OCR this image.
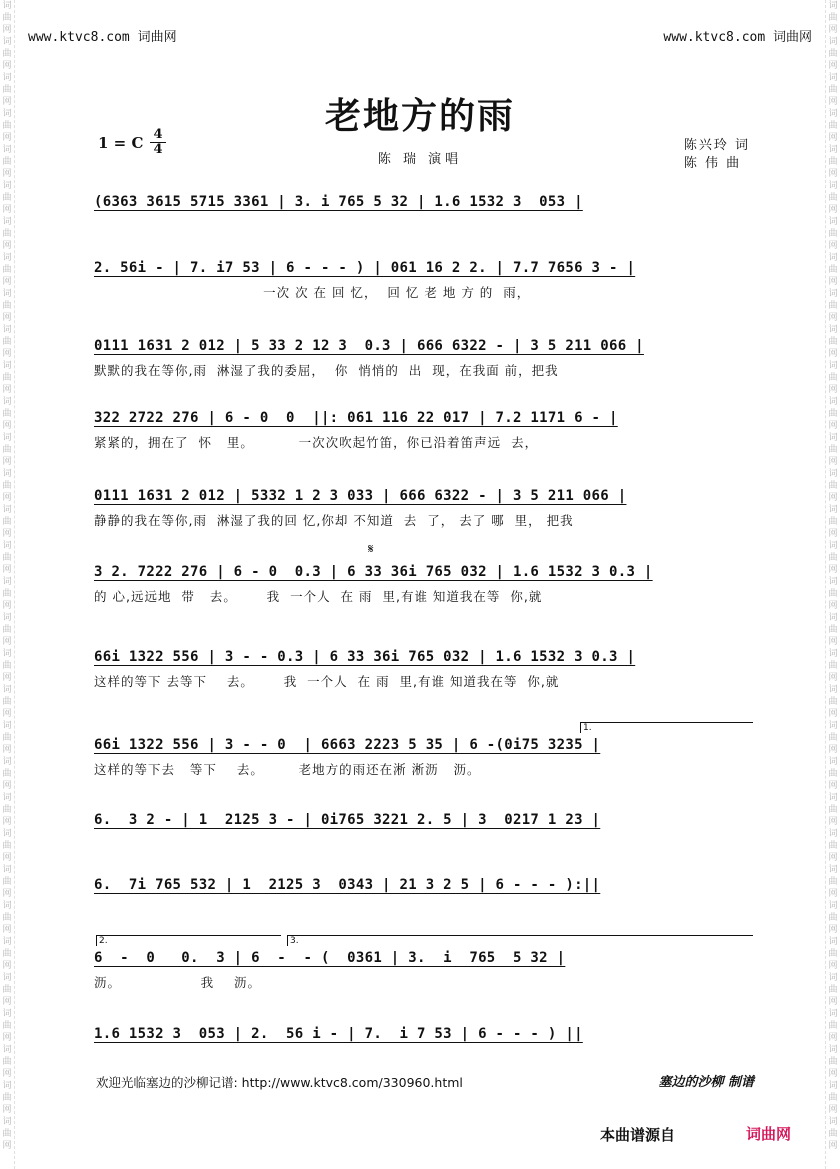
词
曲
网
词
曲
网
词
曲
网
词
曲
网
词
曲
网
词
曲
网
词
曲
网
词
曲
网
词
曲
网
词
曲
网
词
曲
网
词
曲
网
词
曲
网
词
曲
网
词
曲
网
词
曲
网
词
曲
网
词
曲
网
词
曲
网
词
曲
网
词
曲
网
词
曲
网
词
曲
网
词
曲
网
词
曲
网
词
曲
网
词
曲
网
词
曲
网
词
曲
网
词
曲
网
词
曲
网
词
曲
网
词
曲
网
词
曲
网
词
曲
网
词
曲
网
词
曲
网
词
曲
网
词
曲
网
词
曲
网
词
曲
网
词
曲
网
词
曲
网
词
曲
网
词
曲
网
词
曲
网
词
曲
网
词
曲
网
词
曲
网
词
曲
网
词
曲
网
词
曲
网
词
曲
网
词
曲
网
词
曲
网
词
曲
网
词
曲
网
词
曲
网
词
曲
网
词
曲
网
词
曲
网
词
曲
网
词
曲
网
词
曲
网
www.ktvc8.com 词曲网	www.ktvc8.com 词曲网
老地方的雨
1 = C 4
4
陈 瑞 演唱
陈兴玲 词
陈 伟 曲
(6363 3615 5715 3361 | 3. i 765 5 32 | 1.6 1532 3  053 |
2. 56i - | 7. i7 53 | 6 - - - ) | 061 16 2 2. | 7.7 7656 3 - |
一次 次 在 回 忆，  回 忆 老 地 方 的  雨，
0111 1631 2 012 | 5 33 2 12 3  0.3 | 666 6322 - | 3 5 211 066 |
默默的我在等你,雨  淋湿了我的委屈，  你  悄悄的  出  现，在我面 前，把我
322 2722 276 | 6 - 0  0  ||: 061 116 22 017 | 7.2 1171 6 - |
紧紧的，拥在了  怀   里。         一次次吹起竹笛，你已沿着笛声远  去，
0111 1631 2 012 | 5332 1 2 3 033 | 666 6322 - | 3 5 211 066 |
静静的我在等你,雨  淋湿了我的回 忆,你却 不知道  去  了， 去了 哪  里， 把我
3 2. 7222 276 | 6 - 0  0.3 | 6 33 36i 765 032 | 1.6 1532 3 0.3 |
的 心,远远地  带   去。      我  一个人  在 雨  里,有谁 知道我在等  你,就
66i 1322 556 | 3 - - 0.3 | 6 33 36i 765 032 | 1.6 1532 3 0.3 |
这样的等下 去等下    去。      我  一个人  在 雨  里,有谁 知道我在等  你,就
66i 1322 556 | 3 - - 0  | 6663 2223 5 35 | 6 -(0i75 3235 |
这样的等下去   等下    去。       老地方的雨还在淅 淅沥   沥。
6.  3 2 - | 1  2125 3 - | 0i765 3221 2. 5 | 3  0217 1 23 |
6.  7i 765 532 | 1  2125 3  0343 | 21 3 2 5 | 6 - - - ):||
6  -  0   0.  3 | 6  -  - (  0361 | 3.  i  765  5 32 |
沥。                我    沥。
1.6 1532 3  053 | 2.  56 i - | 7.  i 7 53 | 6 - - - ) ||
1.
2.	3.
𝄋
欢迎光临塞边的沙柳记谱: http://www.ktvc8.com/330960.html	塞边的沙柳 制谱
本曲谱源自	词曲网
